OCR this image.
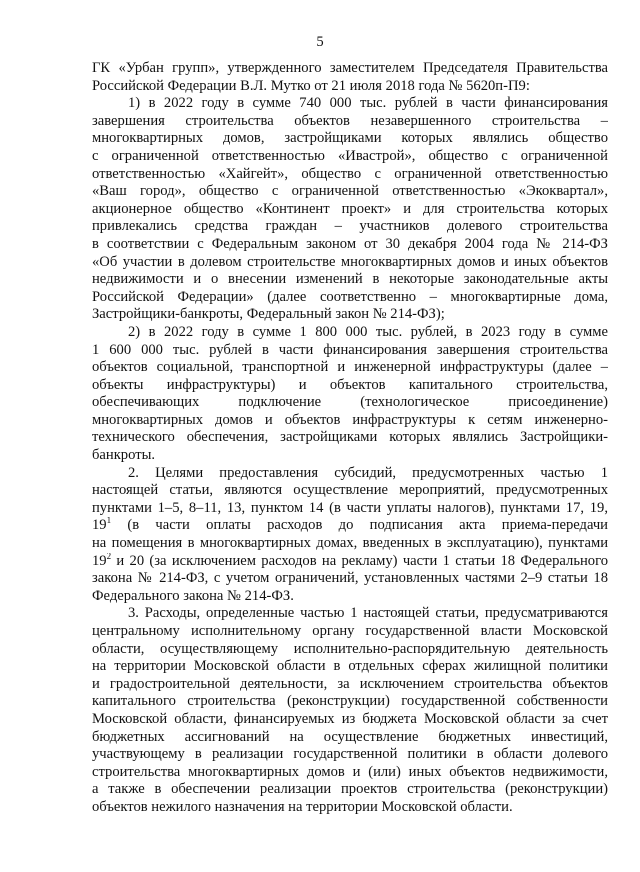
5
ГК «Урбан групп», утвержденного заместителем Председателя Правительства
Российской Федерации В.Л. Мутко от 21 июля 2018 года № 5620п-П9:
1) в 2022 году в сумме 740 000 тыс. рублей в части финансирования
завершения строительства объектов незавершенного строительства –
многоквартирных домов, застройщиками которых являлись общество
с ограниченной ответственностью «Ивастрой», общество с ограниченной
ответственностью «Хайгейт», общество с ограниченной ответственностью
«Ваш город», общество с ограниченной ответственностью «Экоквартал»,
акционерное общество «Континент проект» и для строительства которых
привлекались средства граждан – участников долевого строительства
в соответствии с Федеральным законом от 30 декабря 2004 года № 214-ФЗ
«Об участии в долевом строительстве многоквартирных домов и иных объектов
недвижимости и о внесении изменений в некоторые законодательные акты
Российской Федерации» (далее соответственно – многоквартирные дома,
Застройщики-банкроты, Федеральный закон № 214-ФЗ);
2) в 2022 году в сумме 1 800 000 тыс. рублей, в 2023 году в сумме
1 600 000 тыс. рублей в части финансирования завершения строительства
объектов социальной, транспортной и инженерной инфраструктуры (далее –
объекты инфраструктуры) и объектов капитального строительства,
обеспечивающих подключение (технологическое присоединение)
многоквартирных домов и объектов инфраструктуры к сетям инженерно-
технического обеспечения, застройщиками которых являлись Застройщики-
банкроты.
2. Целями предоставления субсидий, предусмотренных частью 1
настоящей статьи, являются осуществление мероприятий, предусмотренных
пунктами 1–5, 8–11, 13, пунктом 14 (в части уплаты налогов), пунктами 17, 19,
$19^1$ (в части оплаты расходов до подписания акта приема-передачи
на помещения в многоквартирных домах, введенных в эксплуатацию), пунктами
$19^2$ и 20 (за исключением расходов на рекламу) части 1 статьи 18 Федерального
закона № 214-ФЗ, с учетом ограничений, установленных частями 2–9 статьи 18
Федерального закона № 214-ФЗ.
3. Расходы, определенные частью 1 настоящей статьи, предусматриваются
центральному исполнительному органу государственной власти Московской
области, осуществляющему исполнительно-распорядительную деятельность
на территории Московской области в отдельных сферах жилищной политики
и градостроительной деятельности, за исключением строительства объектов
капитального строительства (реконструкции) государственной собственности
Московской области, финансируемых из бюджета Московской области за счет
бюджетных ассигнований на осуществление бюджетных инвестиций,
участвующему в реализации государственной политики в области долевого
строительства многоквартирных домов и (или) иных объектов недвижимости,
а также в обеспечении реализации проектов строительства (реконструкции)
объектов нежилого назначения на территории Московской области.
